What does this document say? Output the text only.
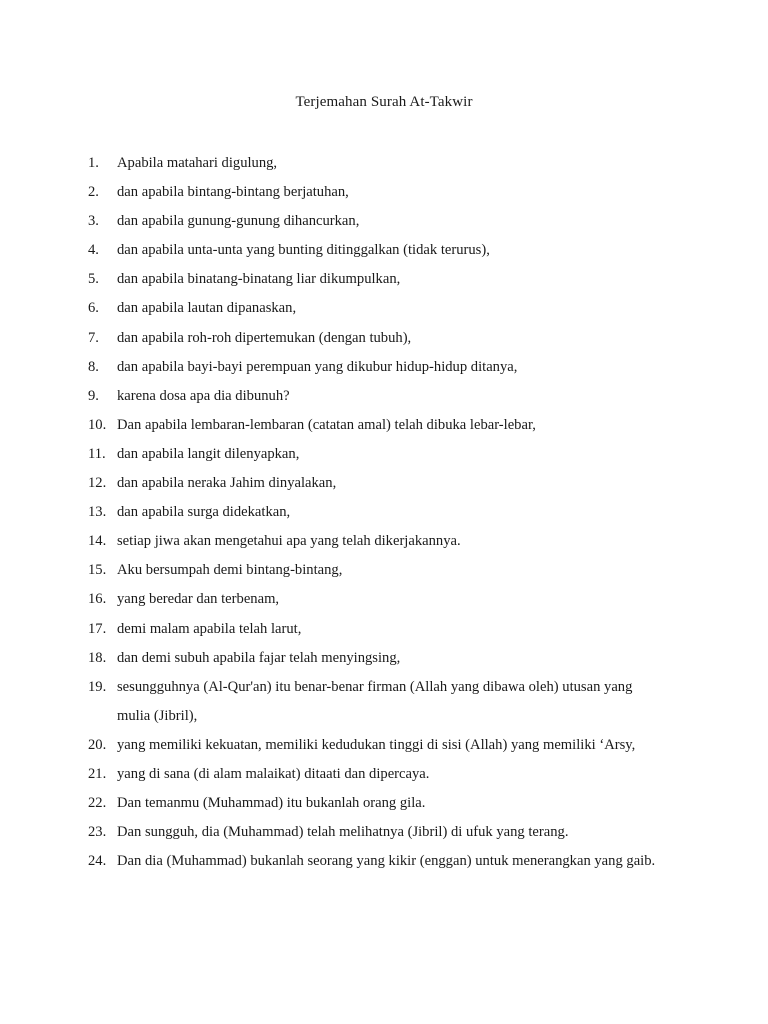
Terjemahan Surah At-Takwir
1. Apabila matahari digulung,
2. dan apabila bintang-bintang berjatuhan,
3. dan apabila gunung-gunung dihancurkan,
4. dan apabila unta-unta yang bunting ditinggalkan (tidak terurus),
5. dan apabila binatang-binatang liar dikumpulkan,
6. dan apabila lautan dipanaskan,
7. dan apabila roh-roh dipertemukan (dengan tubuh),
8. dan apabila bayi-bayi perempuan yang dikubur hidup-hidup ditanya,
9. karena dosa apa dia dibunuh?
10. Dan apabila lembaran-lembaran (catatan amal) telah dibuka lebar-lebar,
11. dan apabila langit dilenyapkan,
12. dan apabila neraka Jahim dinyalakan,
13. dan apabila surga didekatkan,
14. setiap jiwa akan mengetahui apa yang telah dikerjakannya.
15. Aku bersumpah demi bintang-bintang,
16. yang beredar dan terbenam,
17. demi malam apabila telah larut,
18. dan demi subuh apabila fajar telah menyingsing,
19. sesungguhnya (Al-Qur'an) itu benar-benar firman (Allah yang dibawa oleh) utusan yang mulia (Jibril),
20. yang memiliki kekuatan, memiliki kedudukan tinggi di sisi (Allah) yang memiliki ‘Arsy,
21. yang di sana (di alam malaikat) ditaati dan dipercaya.
22. Dan temanmu (Muhammad) itu bukanlah orang gila.
23. Dan sungguh, dia (Muhammad) telah melihatnya (Jibril) di ufuk yang terang.
24. Dan dia (Muhammad) bukanlah seorang yang kikir (enggan) untuk menerangkan yang gaib.
